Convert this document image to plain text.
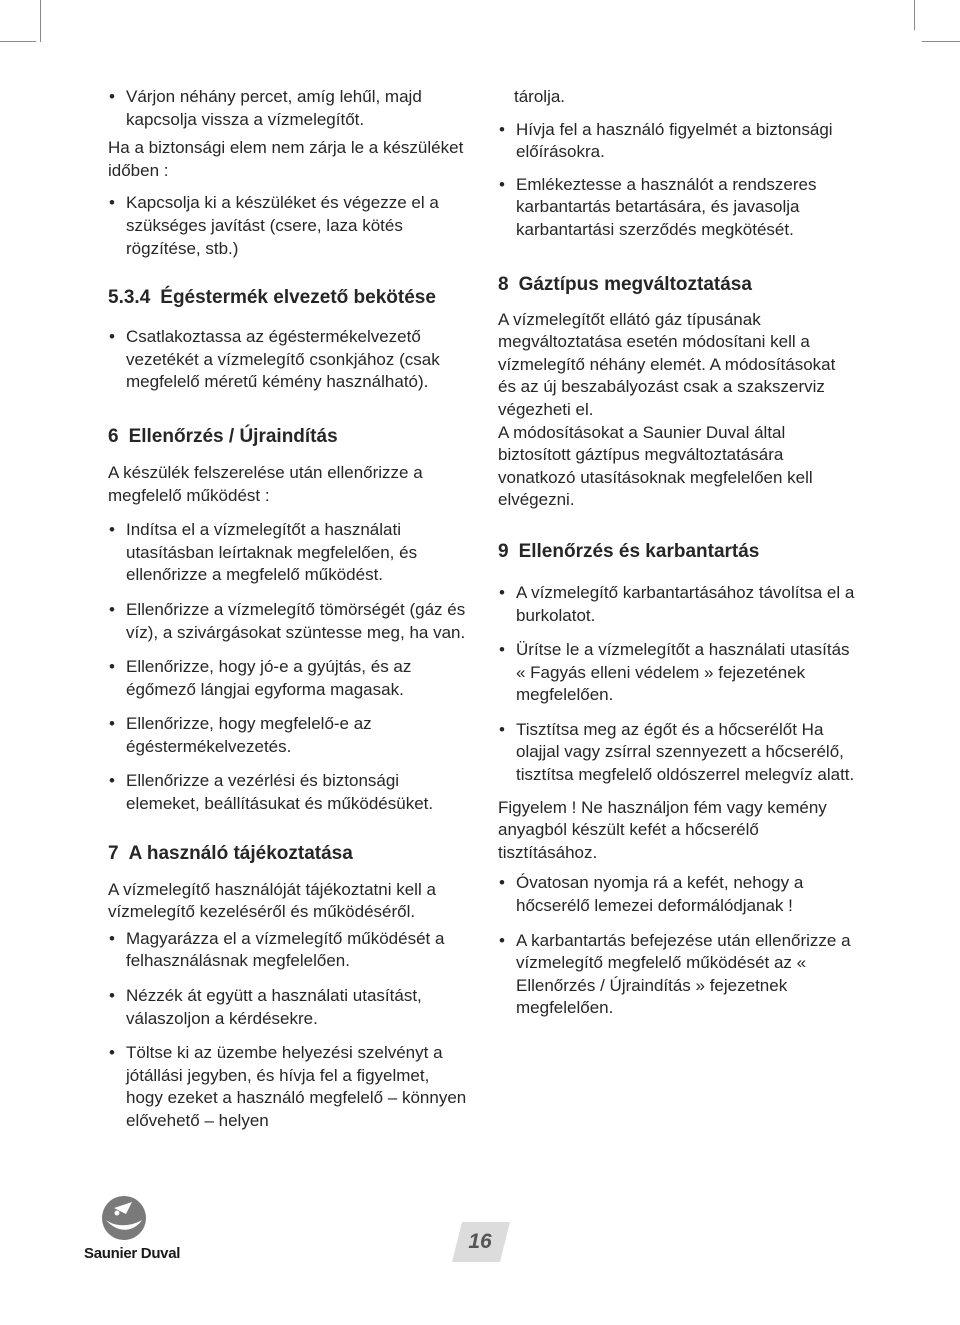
• Várjon néhány percet, amíg lehűl, majd kapcsolja vissza a vízmelegítőt.

Ha a biztonsági elem nem zárja le a készüléket időben :

• Kapcsolja ki a készüléket és végezze el a szükséges javítást (csere, laza kötés rögzítése, stb.)
5.3.4 Égéstermék elvezető bekötése
• Csatlakoztassa az égéstermékelvezető vezetékét a vízmelegítő csonkjához (csak megfelelő méretű kémény használható).
6 Ellenőrzés / Újraindítás

A készülék felszerelése után ellenőrizze a megfelelő működést :

• Indítsa el a vízmelegítőt a használati utasításban leírtaknak megfelelően, és ellenőrizze a megfelelő működést.
• Ellenőrizze a vízmelegítő tömörségét (gáz és víz), a szivárgásokat szüntesse meg, ha van.
• Ellenőrizze, hogy jó-e a gyújtás, és az égőmező lángjai egyforma magasak.
• Ellenőrizze, hogy megfelelő-e az égéstermékelvezetés.
• Ellenőrizze a vezérlési és biztonsági elemeket, beállításukat és működésüket.
7 A használó tájékoztatása

A vízmelegítő használóját tájékoztatni kell a vízmelegítő kezeléséről és működéséről.

• Magyarázza el a vízmelegítő működését a felhasználásnak megfelelően.
• Nézzék át együtt a használati utasítást, válaszoljon a kérdésekre.
• Töltse ki az üzembe helyezési szelvényt a jótállási jegyben, és hívja fel a figyelmet, hogy ezeket a használó megfelelő – könnyen elővehető – helyen

tárolja.

• Hívja fel a használó figyelmét a biztonsági előírásokra.
• Emlékeztesse a használót a rendszeres karbantartás betartására, és javasolja karbantartási szerződés megkötését.
8 Gáztípus megváltoztatása

A vízmelegítőt ellátó gáz típusának megváltoztatása esetén módosítani kell a vízmelegítő néhány elemét. A módosításokat és az új beszabályozást csak a szakszerviz végezheti el.

A módosításokat a Saunier Duval által biztosított gáztípus megváltoztatására vonatkozó utasításoknak megfelelően kell elvégezni.

9 Ellenőrzés és karbantartás
• A vízmelegítő karbantartásához távolítsa el a burkolatot.
• Ürítse le a vízmelegítőt a használati utasítás « Fagyás elleni védelem » fejezetének megfelelően.
• Tisztítsa meg az égőt és a hőcserélőt Ha olajjal vagy zsírral szennyezett a hőcserélő, tisztítsa megfelelő oldószerrel melegvíz alatt.

Figyelem ! Ne használjon fém vagy kemény anyagból készült kefét a hőcserélő tisztításához.

• Óvatosan nyomja rá a kefét, nehogy a hőcserélő lemezei deformálódjanak !
• A karbantartás befejezése után ellenőrizze a vízmelegítő megfelelő működését az « Ellenőrzés / Újraindítás » fejezetnek megfelelően.
Saunier Duval
16
